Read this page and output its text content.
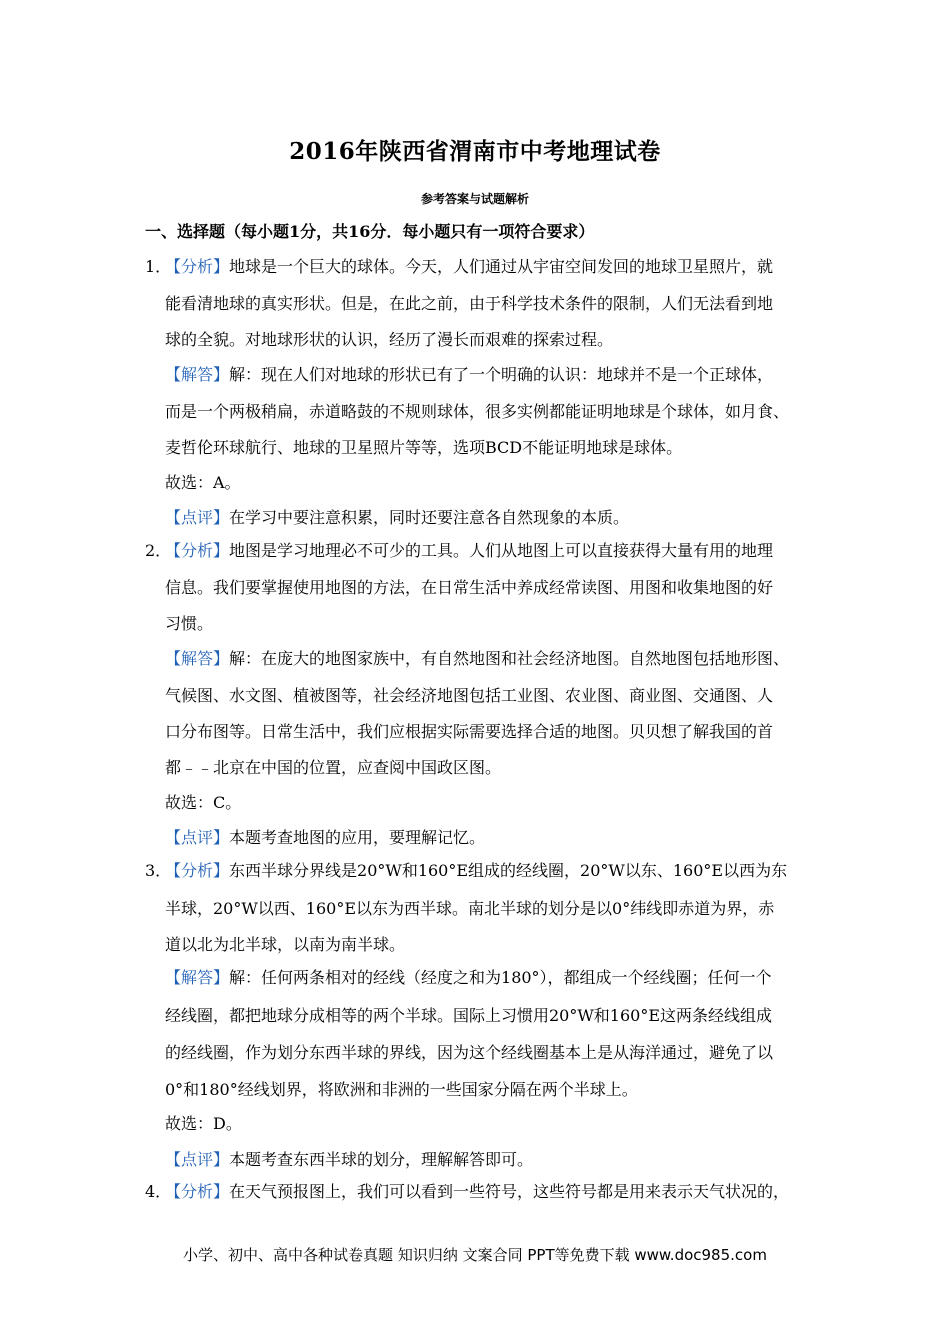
2016年陕西省渭南市中考地理试卷
参考答案与试题解析
一、选择题（每小题1分，共16分．每小题只有一项符合要求）
1．
【分析】地球是一个巨大的球体。今天，人们通过从宇宙空间发回的地球卫星照片，就
能看清地球的真实形状。但是，在此之前，由于科学技术条件的限制，人们无法看到地
球的全貌。对地球形状的认识，经历了漫长而艰难的探索过程。
【解答】解：现在人们对地球的形状已有了一个明确的认识：地球并不是一个正球体，
而是一个两极稍扁，赤道略鼓的不规则球体，很多实例都能证明地球是个球体，如月食、
麦哲伦环球航行、地球的卫星照片等等，选项BCD不能证明地球是球体。
故选：A。
【点评】在学习中要注意积累，同时还要注意各自然现象的本质。
2．
【分析】地图是学习地理必不可少的工具。人们从地图上可以直接获得大量有用的地理
信息。我们要掌握使用地图的方法，在日常生活中养成经常读图、用图和收集地图的好
习惯。
【解答】解：在庞大的地图家族中，有自然地图和社会经济地图。自然地图包括地形图、
气候图、水文图、植被图等，社会经济地图包括工业图、农业图、商业图、交通图、人
口分布图等。日常生活中，我们应根据实际需要选择合适的地图。贝贝想了解我国的首
都﹣﹣北京在中国的位置，应查阅中国政区图。
故选：C。
【点评】本题考查地图的应用，要理解记忆。
3．
【分析】东西半球分界线是20°W和160°E组成的经线圈，20°W以东、160°E以西为东
半球，20°W以西、160°E以东为西半球。南北半球的划分是以0°纬线即赤道为界，赤
道以北为北半球，以南为南半球。
【解答】解：任何两条相对的经线（经度之和为180°），都组成一个经线圈；任何一个
经线圈，都把地球分成相等的两个半球。国际上习惯用20°W和160°E这两条经线组成
的经线圈，作为划分东西半球的界线，因为这个经线圈基本上是从海洋通过，避免了以
0°和180°经线划界，将欧洲和非洲的一些国家分隔在两个半球上。
故选：D。
【点评】本题考查东西半球的划分，理解解答即可。
4．
【分析】在天气预报图上，我们可以看到一些符号，这些符号都是用来表示天气状况的，
小学、初中、高中各种试卷真题 知识归纳 文案合同 PPT等免费下载 www.doc985.com
